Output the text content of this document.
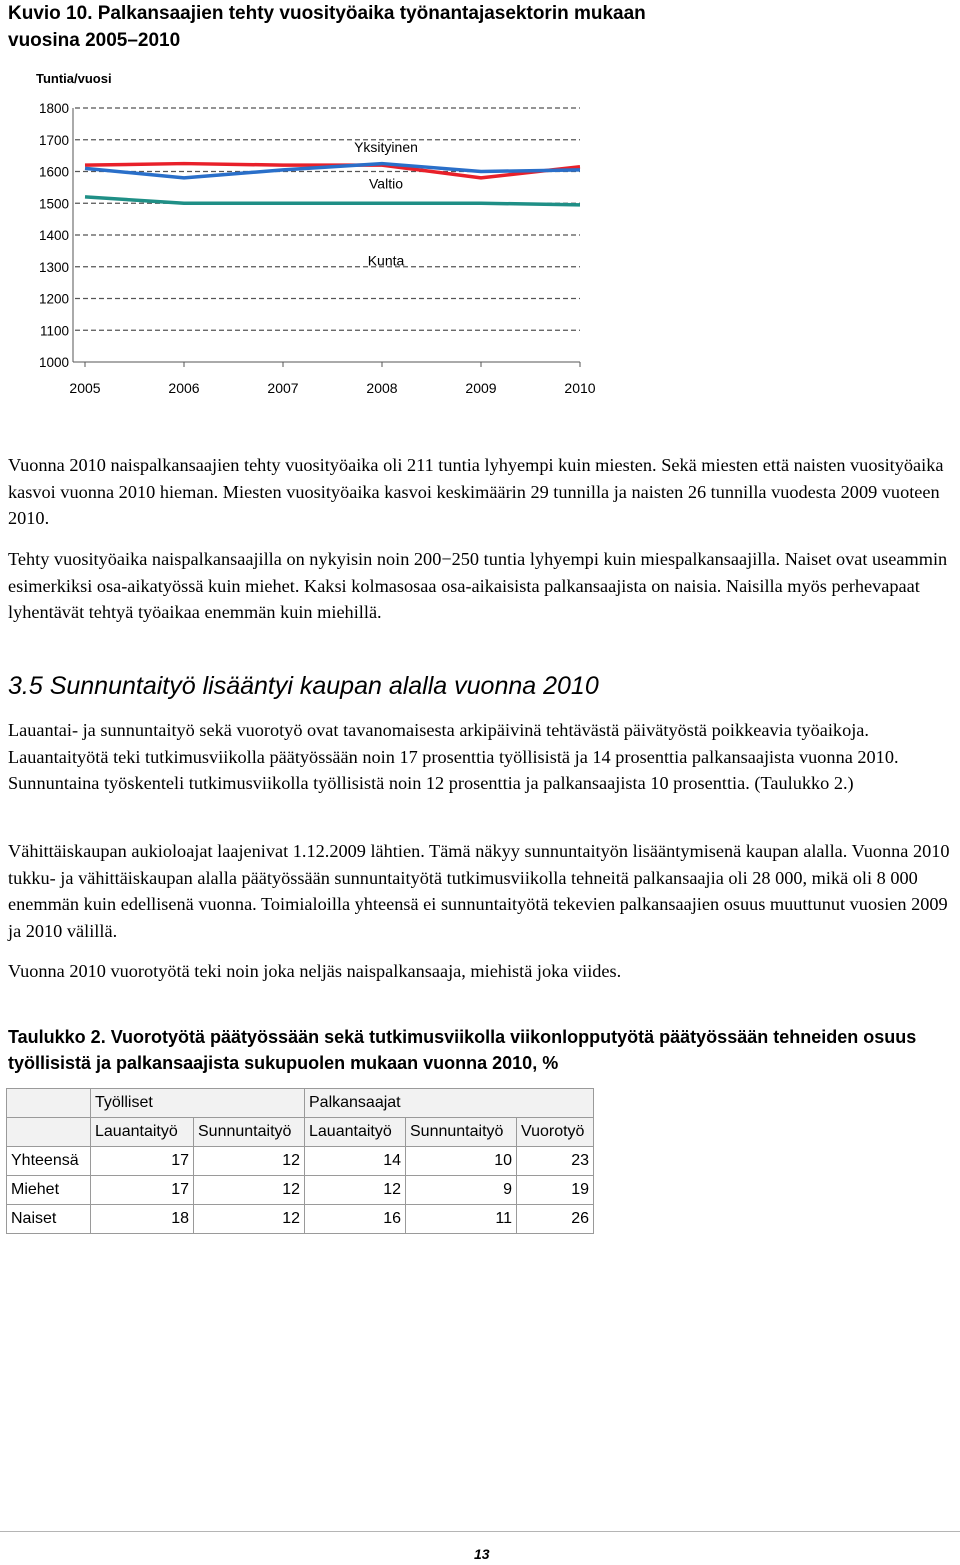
Kuvio 10. Palkansaajien tehty vuosityöaika työnantajasektorin mukaan vuosina 2005–2010
Tuntia/vuosi
1000
1100
1200
1300
1400
1500
1600
1700
1800
2005	2006	2007	2008	2009	2010
Yksityinen
Valtio
Kunta

Vuonna 2010 naispalkansaajien tehty vuosityöaika oli 211 tuntia lyhyempi kuin miesten. Sekä miesten että naisten vuosityöaika kasvoi vuonna 2010 hieman. Miesten vuosityöaika kasvoi keskimäärin 29 tunnilla ja naisten 26 tunnilla vuodesta 2009 vuoteen 2010.

Tehty vuosityöaika naispalkansaajilla on nykyisin noin 200−250 tuntia lyhyempi kuin miespalkansaajilla. Naiset ovat useammin esimerkiksi osa-aikatyössä kuin miehet. Kaksi kolmasosaa osa-aikaisista palkansaajista on naisia. Naisilla myös perhevapaat lyhentävät tehtyä työaikaa enemmän kuin miehillä.

3.5 Sunnuntaityö lisääntyi kaupan alalla vuonna 2010

Lauantai- ja sunnuntaityö sekä vuorotyö ovat tavanomaisesta arkipäivinä tehtävästä päivätyöstä poikkeavia työaikoja. Lauantaityötä teki tutkimusviikolla päätyössään noin 17 prosenttia työllisistä ja 14 prosenttia palkansaajista vuonna 2010. Sunnuntaina työskenteli tutkimusviikolla työllisistä noin 12 prosenttia ja palkansaajista 10 prosenttia. (Taulukko 2.)

Vähittäiskaupan aukioloajat laajenivat 1.12.2009 lähtien. Tämä näkyy sunnuntaityön lisääntymisenä kaupan alalla. Vuonna 2010 tukku- ja vähittäiskaupan alalla päätyössään sunnuntaityötä tutkimusviikolla tehneitä palkansaajia oli 28 000, mikä oli 8 000 enemmän kuin edellisenä vuonna. Toimialoilla yhteensä ei sunnuntaityötä tekevien palkansaajien osuus muuttunut vuosien 2009 ja 2010 välillä.

Vuonna 2010 vuorotyötä teki noin joka neljäs naispalkansaaja, miehistä joka viides.

Taulukko 2. Vuorotyötä päätyössään sekä tutkimusviikolla viikonlopputyötä päätyössään tehneiden osuus työllisistä ja palkansaajista sukupuolen mukaan vuonna 2010, %
	Työlliset		Palkansaajat		
	Lauantaityö	Sunnuntaityö	Lauantaityö	Sunnuntaityö	Vuorotyö
Yhteensä	17	12	14	10	23
Miehet	17	12	12	9	19
Naiset	18	12	16	11	26
13
